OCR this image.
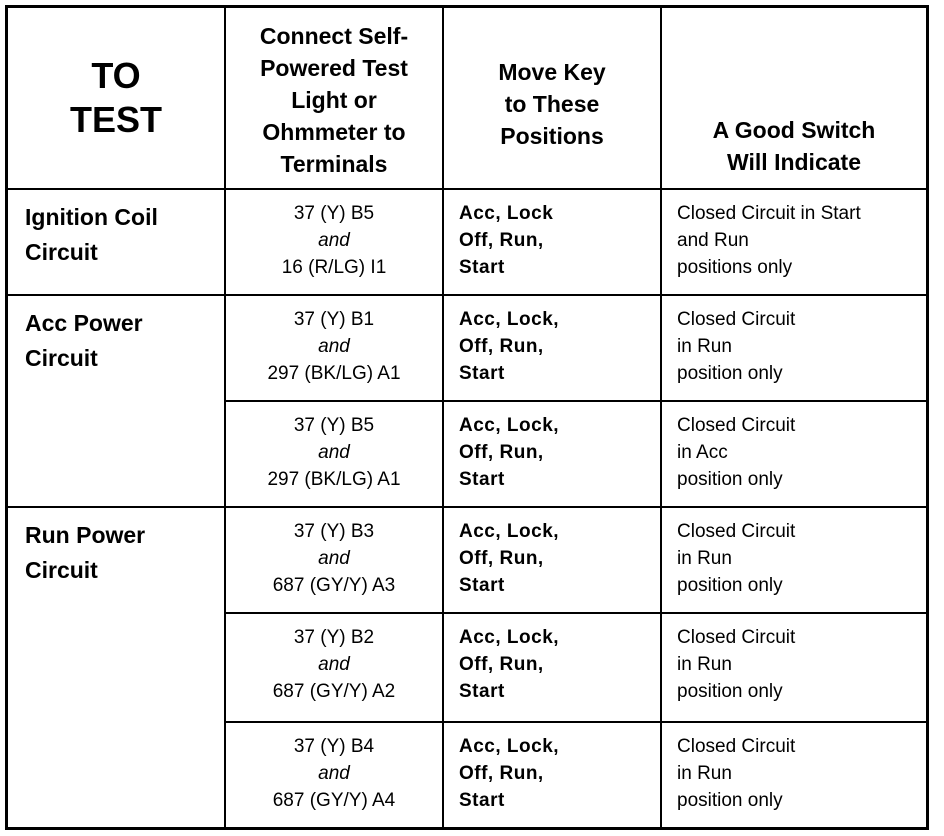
TO
TEST
Connect Self-
Powered Test
Light or
Ohmmeter to
Terminals
Move Key
to These
Positions	A Good Switch
Will Indicate
Ignition Coil
Circuit
Acc Power
Circuit
Run Power
Circuit
37 (Y) B5
and
16 (R/LG) I1
Acc, Lock
Off, Run,
Start
Closed Circuit in Start
and Run
positions only
37 (Y) B1
and
297 (BK/LG) A1
Acc, Lock,
Off, Run,
Start
Closed Circuit
in Run
position only
37 (Y) B5
and
297 (BK/LG) A1
Acc, Lock,
Off, Run,
Start
Closed Circuit
in Acc
position only
37 (Y) B3
and
687 (GY/Y) A3
Acc, Lock,
Off, Run,
Start
Closed Circuit
in Run
position only
37 (Y) B2
and
687 (GY/Y) A2
Acc, Lock,
Off, Run,
Start
Closed Circuit
in Run
position only
37 (Y) B4
and
687 (GY/Y) A4
Acc, Lock,
Off, Run,
Start
Closed Circuit
in Run
position only
